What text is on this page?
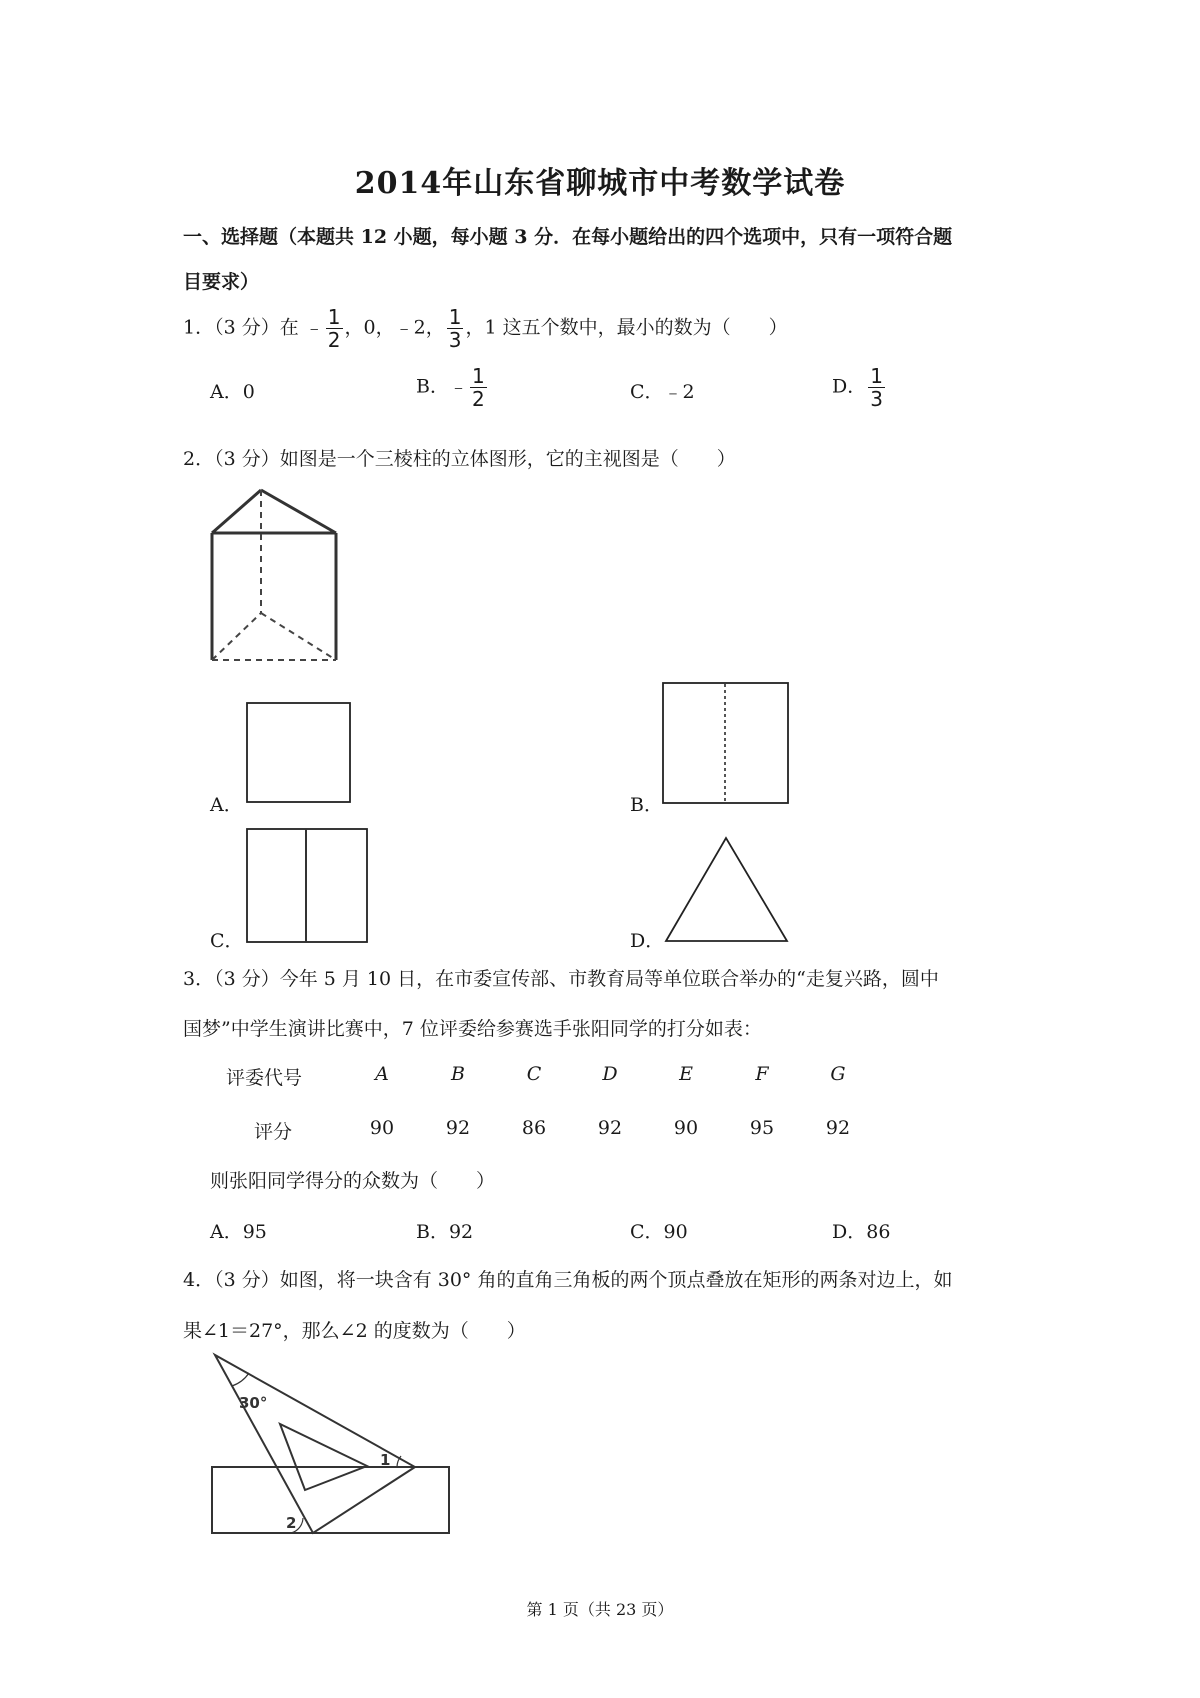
2014年山东省聊城市中考数学试卷
一、选择题（本题共 12 小题，每小题 3 分．在每小题给出的四个选项中，只有一项符合题
目要求）
1．（3 分）在 ﹣ $\frac{1}{2}$ ，0，﹣2， $\frac{1}{3}$ ，1 这五个数中，最小的数为（　　）
A．0	B．﹣ $\frac{1}{2}$	C．﹣2	D． $\frac{1}{3}$
2．（3 分）如图是一个三棱柱的立体图形，它的主视图是（　　）
A．	B．
C．	D．
3．（3 分）今年 5 月 10 日，在市委宣传部、市教育局等单位联合举办的“走复兴路，圆中
国梦”中学生演讲比赛中，7 位评委给参赛选手张阳同学的打分如表：
评委代号	A	B	C	D	E	F	G
评分	90	92	86	92	90	95	92
则张阳同学得分的众数为（　　）
A．95	B．92	C．90	D．86
4．（3 分）如图，将一块含有 30° 角的直角三角板的两个顶点叠放在矩形的两条对边上，如
果∠1＝27°，那么∠2 的度数为（　　）
30°
1
2
第 1 页（共 23 页）
